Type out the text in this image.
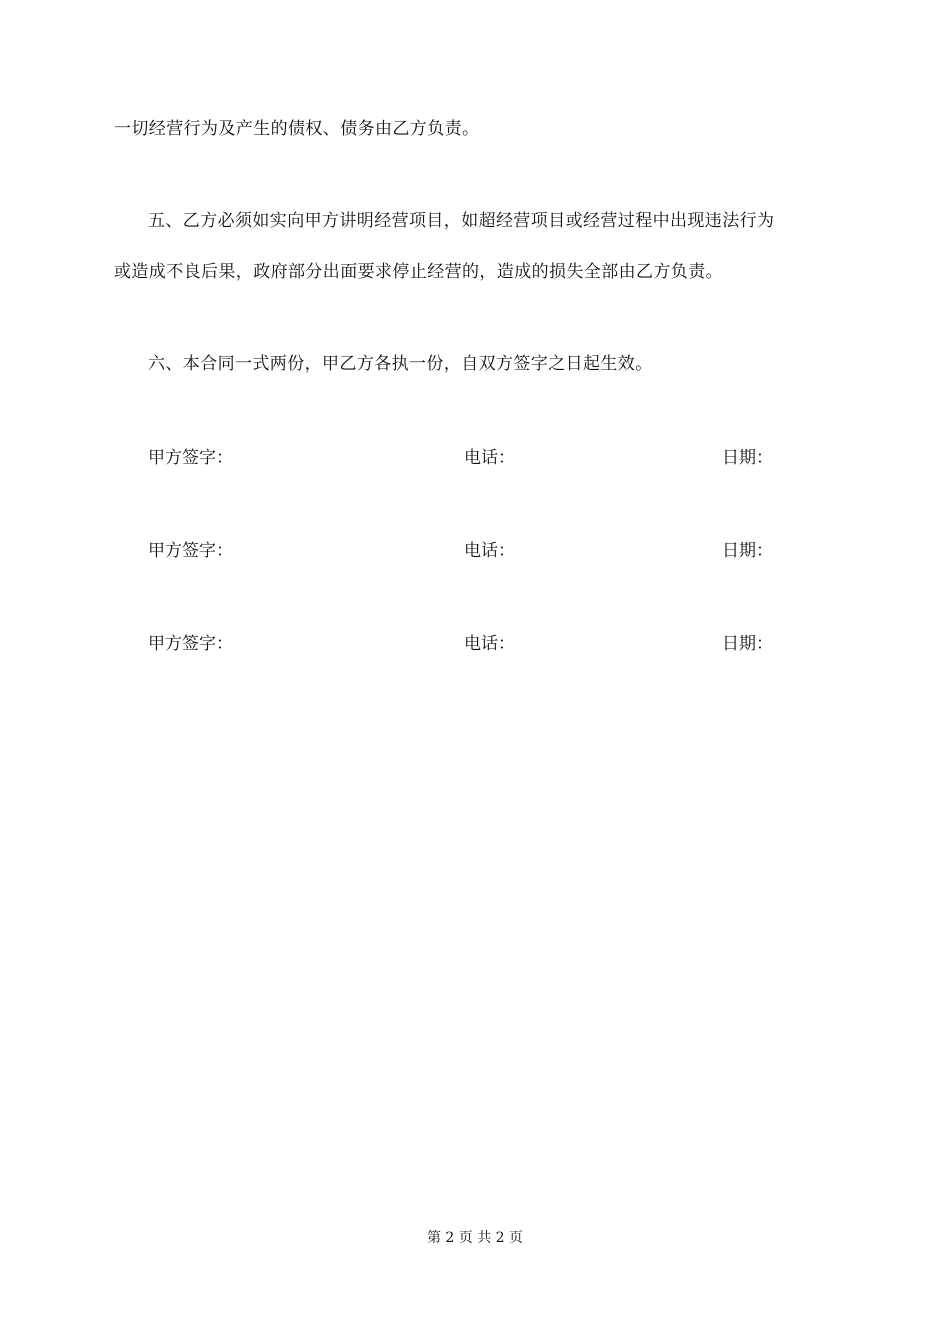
一切经营行为及产生的债权、债务由乙方负责。
五、乙方必须如实向甲方讲明经营项目，如超经营项目或经营过程中出现违法行为
或造成不良后果，政府部分出面要求停止经营的，造成的损失全部由乙方负责。
六、本合同一式两份，甲乙方各执一份，自双方签字之日起生效。
甲方签字：	电话：	日期：
甲方签字：	电话：	日期：
甲方签字：	电话：	日期：
第 2 页 共 2 页
